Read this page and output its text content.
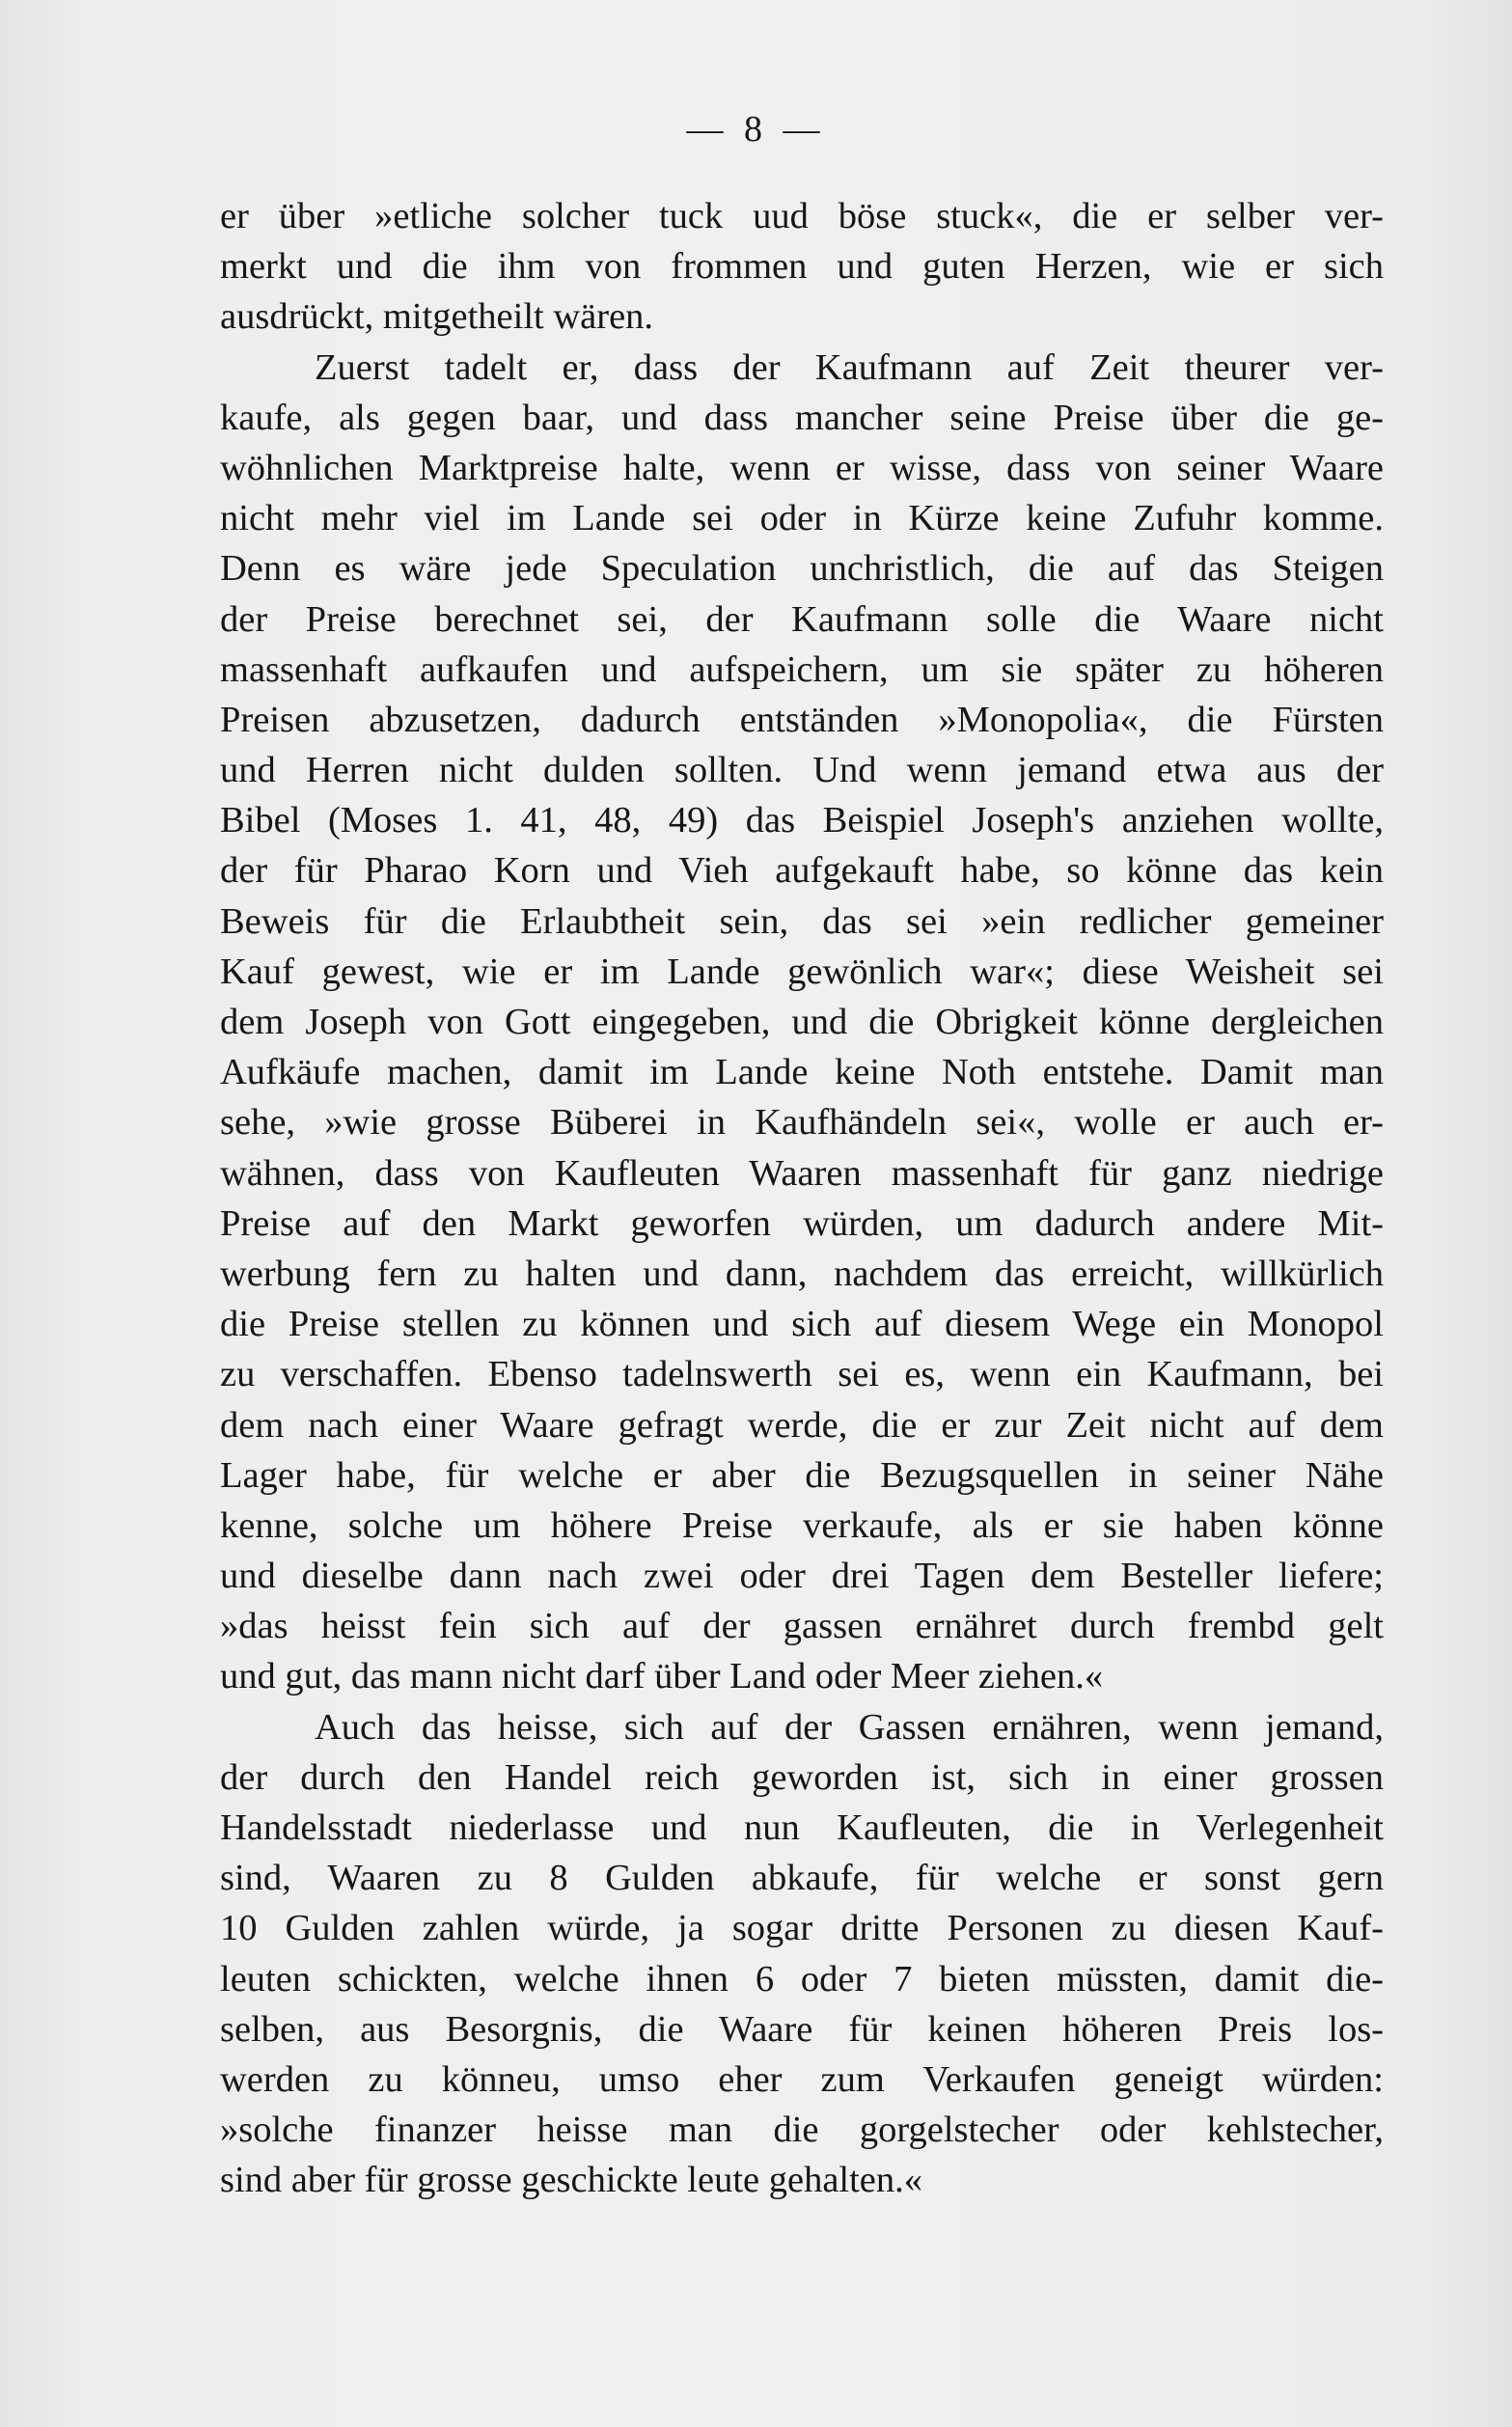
— 8 —
er über »etliche solcher tuck uud böse stuck«, die er selber ver-
merkt und die ihm von frommen und guten Herzen, wie er sich
ausdrückt, mitgetheilt wären.
Zuerst tadelt er, dass der Kaufmann auf Zeit theurer ver-
kaufe, als gegen baar, und dass mancher seine Preise über die ge-
wöhnlichen Marktpreise halte, wenn er wisse, dass von seiner Waare
nicht mehr viel im Lande sei oder in Kürze keine Zufuhr komme.
Denn es wäre jede Speculation unchristlich, die auf das Steigen
der Preise berechnet sei, der Kaufmann solle die Waare nicht
massenhaft aufkaufen und aufspeichern, um sie später zu höheren
Preisen abzusetzen, dadurch entständen »Monopolia«, die Fürsten
und Herren nicht dulden sollten. Und wenn jemand etwa aus der
Bibel (Moses 1. 41, 48, 49) das Beispiel Joseph's anziehen wollte,
der für Pharao Korn und Vieh aufgekauft habe, so könne das kein
Beweis für die Erlaubtheit sein, das sei »ein redlicher gemeiner
Kauf gewest, wie er im Lande gewönlich war«; diese Weisheit sei
dem Joseph von Gott eingegeben, und die Obrigkeit könne dergleichen
Aufkäufe machen, damit im Lande keine Noth entstehe. Damit man
sehe, »wie grosse Büberei in Kaufhändeln sei«, wolle er auch er-
wähnen, dass von Kaufleuten Waaren massenhaft für ganz niedrige
Preise auf den Markt geworfen würden, um dadurch andere Mit-
werbung fern zu halten und dann, nachdem das erreicht, willkürlich
die Preise stellen zu können und sich auf diesem Wege ein Monopol
zu verschaffen. Ebenso tadelnswerth sei es, wenn ein Kaufmann, bei
dem nach einer Waare gefragt werde, die er zur Zeit nicht auf dem
Lager habe, für welche er aber die Bezugsquellen in seiner Nähe
kenne, solche um höhere Preise verkaufe, als er sie haben könne
und dieselbe dann nach zwei oder drei Tagen dem Besteller liefere;
»das heisst fein sich auf der gassen ernähret durch frembd gelt
und gut, das mann nicht darf über Land oder Meer ziehen.«
Auch das heisse, sich auf der Gassen ernähren, wenn jemand,
der durch den Handel reich geworden ist, sich in einer grossen
Handelsstadt niederlasse und nun Kaufleuten, die in Verlegenheit
sind, Waaren zu 8 Gulden abkaufe, für welche er sonst gern
10 Gulden zahlen würde, ja sogar dritte Personen zu diesen Kauf-
leuten schickten, welche ihnen 6 oder 7 bieten müssten, damit die-
selben, aus Besorgnis, die Waare für keinen höheren Preis los-
werden zu könneu, umso eher zum Verkaufen geneigt würden:
»solche finanzer heisse man die gorgelstecher oder kehlstecher,
sind aber für grosse geschickte leute gehalten.«
